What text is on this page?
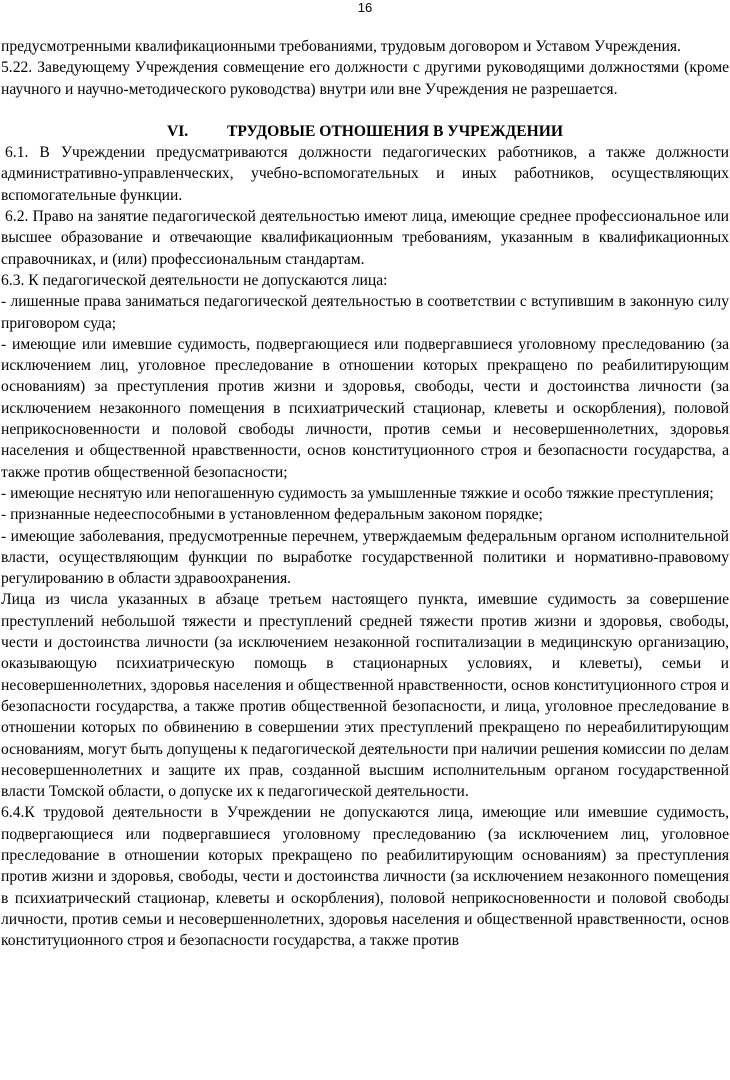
16

предусмотренными квалификационными требованиями, трудовым договором и Уставом Учреждения.

5.22. Заведующему Учреждения совмещение его должности с другими руководящими должностями (кроме научного и научно-методического руководства) внутри или вне Учреждения не разрешается.

VI. ТРУДОВЫЕ ОТНОШЕНИЯ В УЧРЕЖДЕНИИ

6.1. В Учреждении предусматриваются должности педагогических работников, а также должности административно-управленческих, учебно-вспомогательных и иных работников, осуществляющих вспомогательные функции.

6.2. Право на занятие педагогической деятельностью имеют лица, имеющие среднее профессиональное или высшее образование и отвечающие квалификационным требованиям, указанным в квалификационных справочниках, и (или) профессиональным стандартам.

6.3. К педагогической деятельности не допускаются лица:

- лишенные права заниматься педагогической деятельностью в соответствии с вступившим в законную силу приговором суда;

- имеющие или имевшие судимость, подвергающиеся или подвергавшиеся уголовному преследованию (за исключением лиц, уголовное преследование в отношении которых прекращено по реабилитирующим основаниям) за преступления против жизни и здоровья, свободы, чести и достоинства личности (за исключением незаконного помещения в психиатрический стационар, клеветы и оскорбления), половой неприкосновенности и половой свободы личности, против семьи и несовершеннолетних, здоровья населения и общественной нравственности, основ конституционного строя и безопасности государства, а также против общественной безопасности;

- имеющие неснятую или непогашенную судимость за умышленные тяжкие и особо тяжкие преступления;

- признанные недееспособными в установленном федеральным законом порядке;

- имеющие заболевания, предусмотренные перечнем, утверждаемым федеральным органом исполнительной власти, осуществляющим функции по выработке государственной политики и нормативно-правовому регулированию в области здравоохранения.

Лица из числа указанных в абзаце третьем настоящего пункта, имевшие судимость за совершение преступлений небольшой тяжести и преступлений средней тяжести против жизни и здоровья, свободы, чести и достоинства личности (за исключением незаконной госпитализации в медицинскую организацию, оказывающую психиатрическую помощь в стационарных условиях, и клеветы), семьи и несовершеннолетних, здоровья населения и общественной нравственности, основ конституционного строя и безопасности государства, а также против общественной безопасности, и лица, уголовное преследование в отношении которых по обвинению в совершении этих преступлений прекращено по нереабилитирующим основаниям, могут быть допущены к педагогической деятельности при наличии решения комиссии по делам несовершеннолетних и защите их прав, созданной высшим исполнительным органом государственной власти Томской области, о допуске их к педагогической деятельности.

6.4.К трудовой деятельности в Учреждении не допускаются лица, имеющие или имевшие судимость, подвергающиеся или подвергавшиеся уголовному преследованию (за исключением лиц, уголовное преследование в отношении которых прекращено по реабилитирующим основаниям) за преступления против жизни и здоровья, свободы, чести и достоинства личности (за исключением незаконного помещения в психиатрический стационар, клеветы и оскорбления), половой неприкосновенности и половой свободы личности, против семьи и несовершеннолетних, здоровья населения и общественной нравственности, основ конституционного строя и безопасности государства, а также против
